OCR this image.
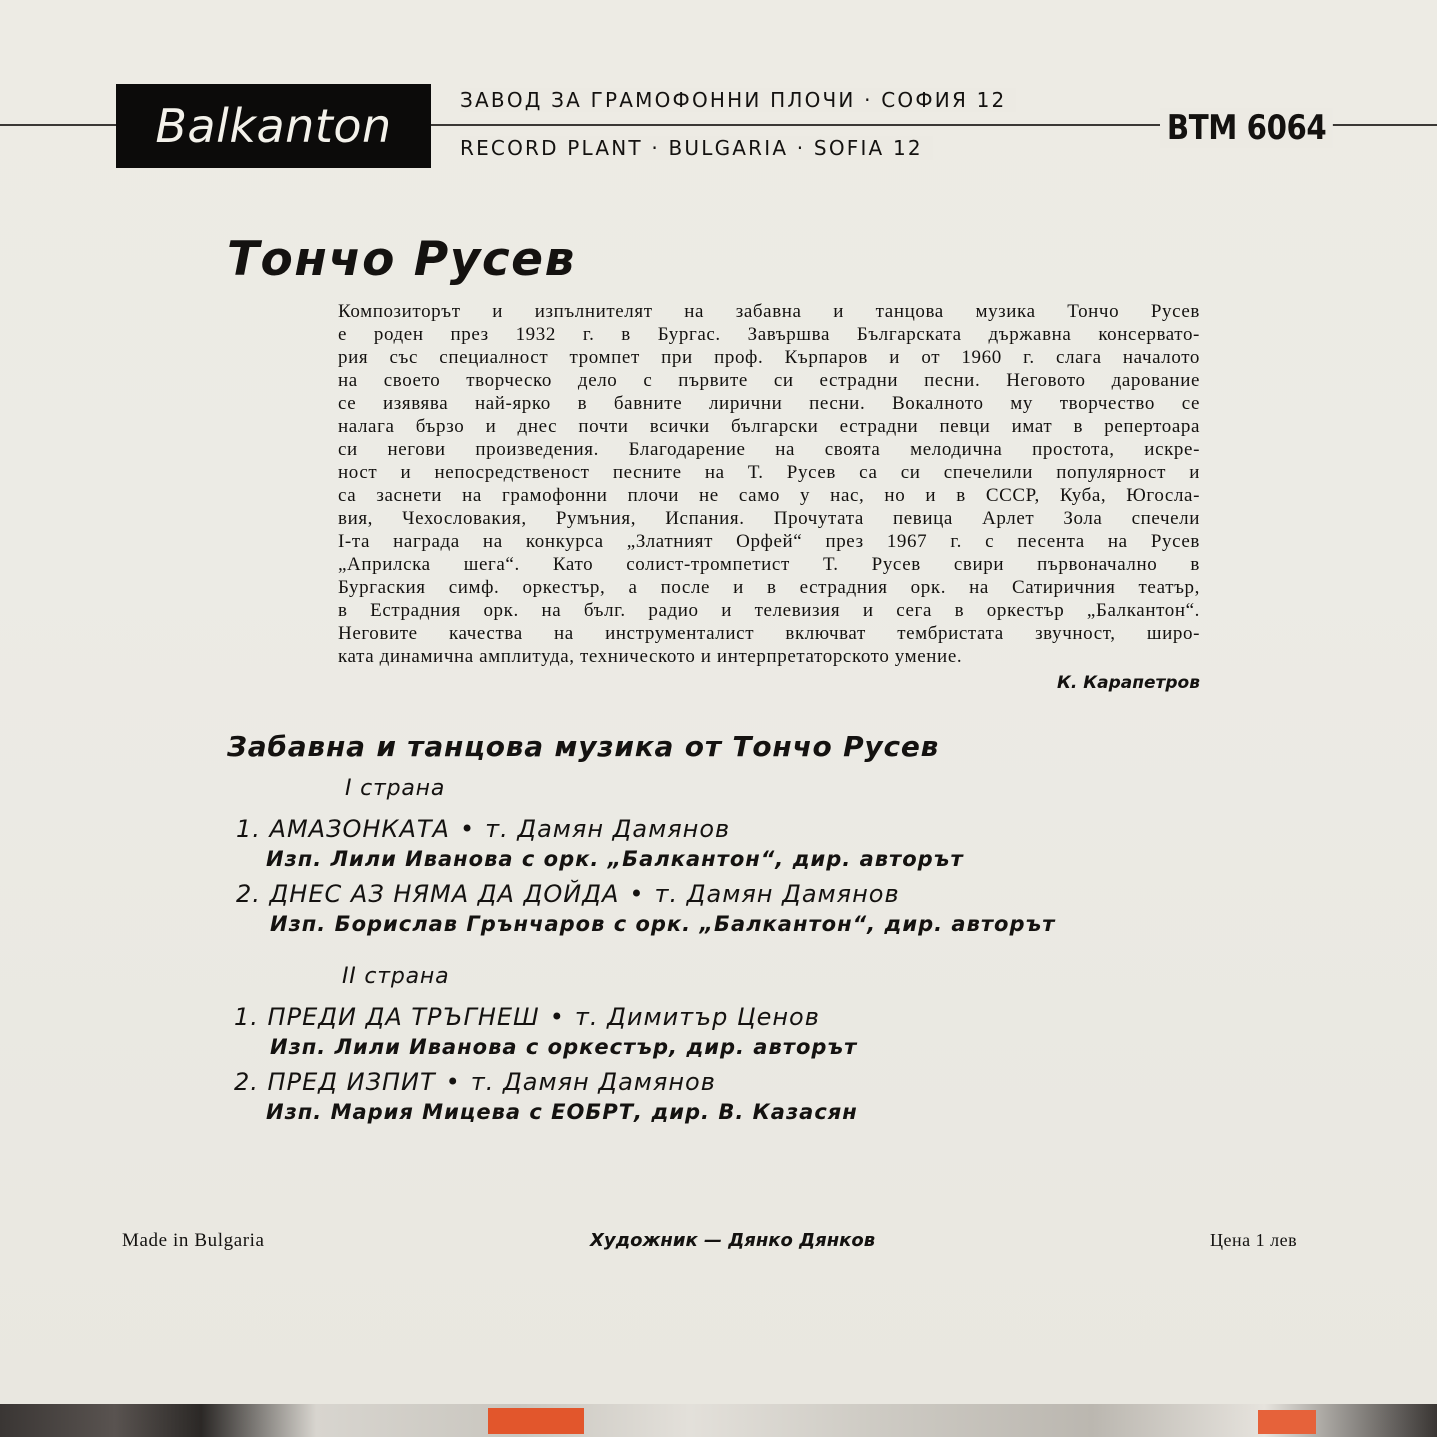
Balkanton	ЗАВОД ЗА ГРАМОФОННИ ПЛОЧИ · СОФИЯ 12
RECORD PLANT · BULGARIA · SOFIA 12	ВТМ 6064
Тончо Русев
Композиторът и изпълнителят на забавна и танцова музика Тончо Русев
е роден през 1932 г. в Бургас. Завършва Българската държавна консервато-
рия със специалност тромпет при проф. Кърпаров и от 1960 г. слага началото
на своето творческо дело с първите си естрадни песни. Неговото дарование
се изявява най-ярко в бавните лирични песни. Вокалното му творчество се
налага бързо и днес почти всички български естрадни певци имат в репертоара
си негови произведения. Благодарение на своята мелодична простота, искре-
ност и непосредственост песните на Т. Русев са си спечелили популярност и
са заснети на грамофонни плочи не само у нас, но и в СССР, Куба, Югосла-
вия, Чехословакия, Румъния, Испания. Прочутата певица Арлет Зола спечели
I-та награда на конкурса „Златният Орфей“ през 1967 г. с песента на Русев
„Априлска шега“. Като солист-тромпетист Т. Русев свири първоначално в
Бургаския симф. оркестър, а после и в естрадния орк. на Сатиричния театър,
в Естрадния орк. на бълг. радио и телевизия и сега в оркестър „Балкантон“.
Неговите качества на инструменталист включват тембристата звучност, широ-
ката динамична амплитуда, техническото и интерпретаторското умение.
К. Карапетров
Забавна и танцова музика от Тончо Русев
I страна
1. АМАЗОНКАТА • т. Дамян Дамянов
Изп. Лили Иванова с орк. „Балкантон“, дир. авторът
2. ДНЕС АЗ НЯМА ДА ДОЙДА • т. Дамян Дамянов
Изп. Борислав Грънчаров с орк. „Балкантон“, дир. авторът
II страна
1. ПРЕДИ ДА ТРЪГНЕШ • т. Димитър Ценов
Изп. Лили Иванова с оркестър, дир. авторът
2. ПРЕД ИЗПИТ • т. Дамян Дамянов
Изп. Мария Мицева с ЕОБРТ, дир. В. Казасян
Made in Bulgaria	Художник — Дянко Дянков	Цена 1 лев
